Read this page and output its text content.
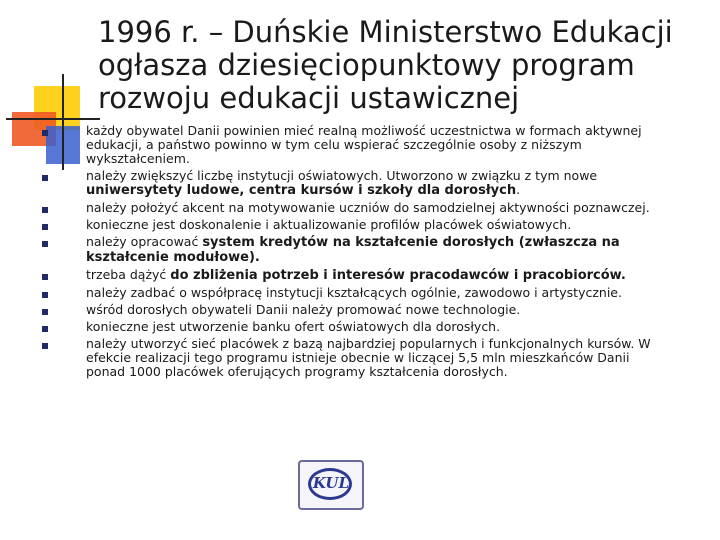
1996 r. – Duńskie Ministerstwo Edukacji ogłasza dziesięciopunktowy program rozwoju edukacji ustawicznej
każdy obywatel Danii powinien mieć realną możliwość uczestnictwa w formach aktywnej edukacji, a państwo powinno w tym celu wspierać szczególnie osoby z niższym wykształceniem.
należy zwiększyć liczbę instytucji oświatowych. Utworzono w związku z tym nowe uniwersytety ludowe, centra kursów i szkoły dla dorosłych.
należy położyć akcent na motywowanie uczniów do samodzielnej aktywności poznawczej.
konieczne jest doskonalenie i aktualizowanie profilów placówek oświatowych.
należy opracować system kredytów na kształcenie dorosłych (zwłaszcza na kształcenie modułowe).
trzeba dążyć do zbliżenia potrzeb i interesów pracodawców i pracobiorców.
należy zadbać o współpracę instytucji kształcących ogólnie, zawodowo i artystycznie.
wśród dorosłych obywateli Danii należy promować nowe technologie.
konieczne jest utworzenie banku ofert oświatowych dla dorosłych.
należy utworzyć sieć placówek z bazą najbardziej popularnych i funkcjonalnych kursów. W efekcie realizacji tego programu istnieje obecnie w liczącej 5,5 mln mieszkańców Danii ponad 1000 placówek oferujących programy kształcenia dorosłych.
KUL
